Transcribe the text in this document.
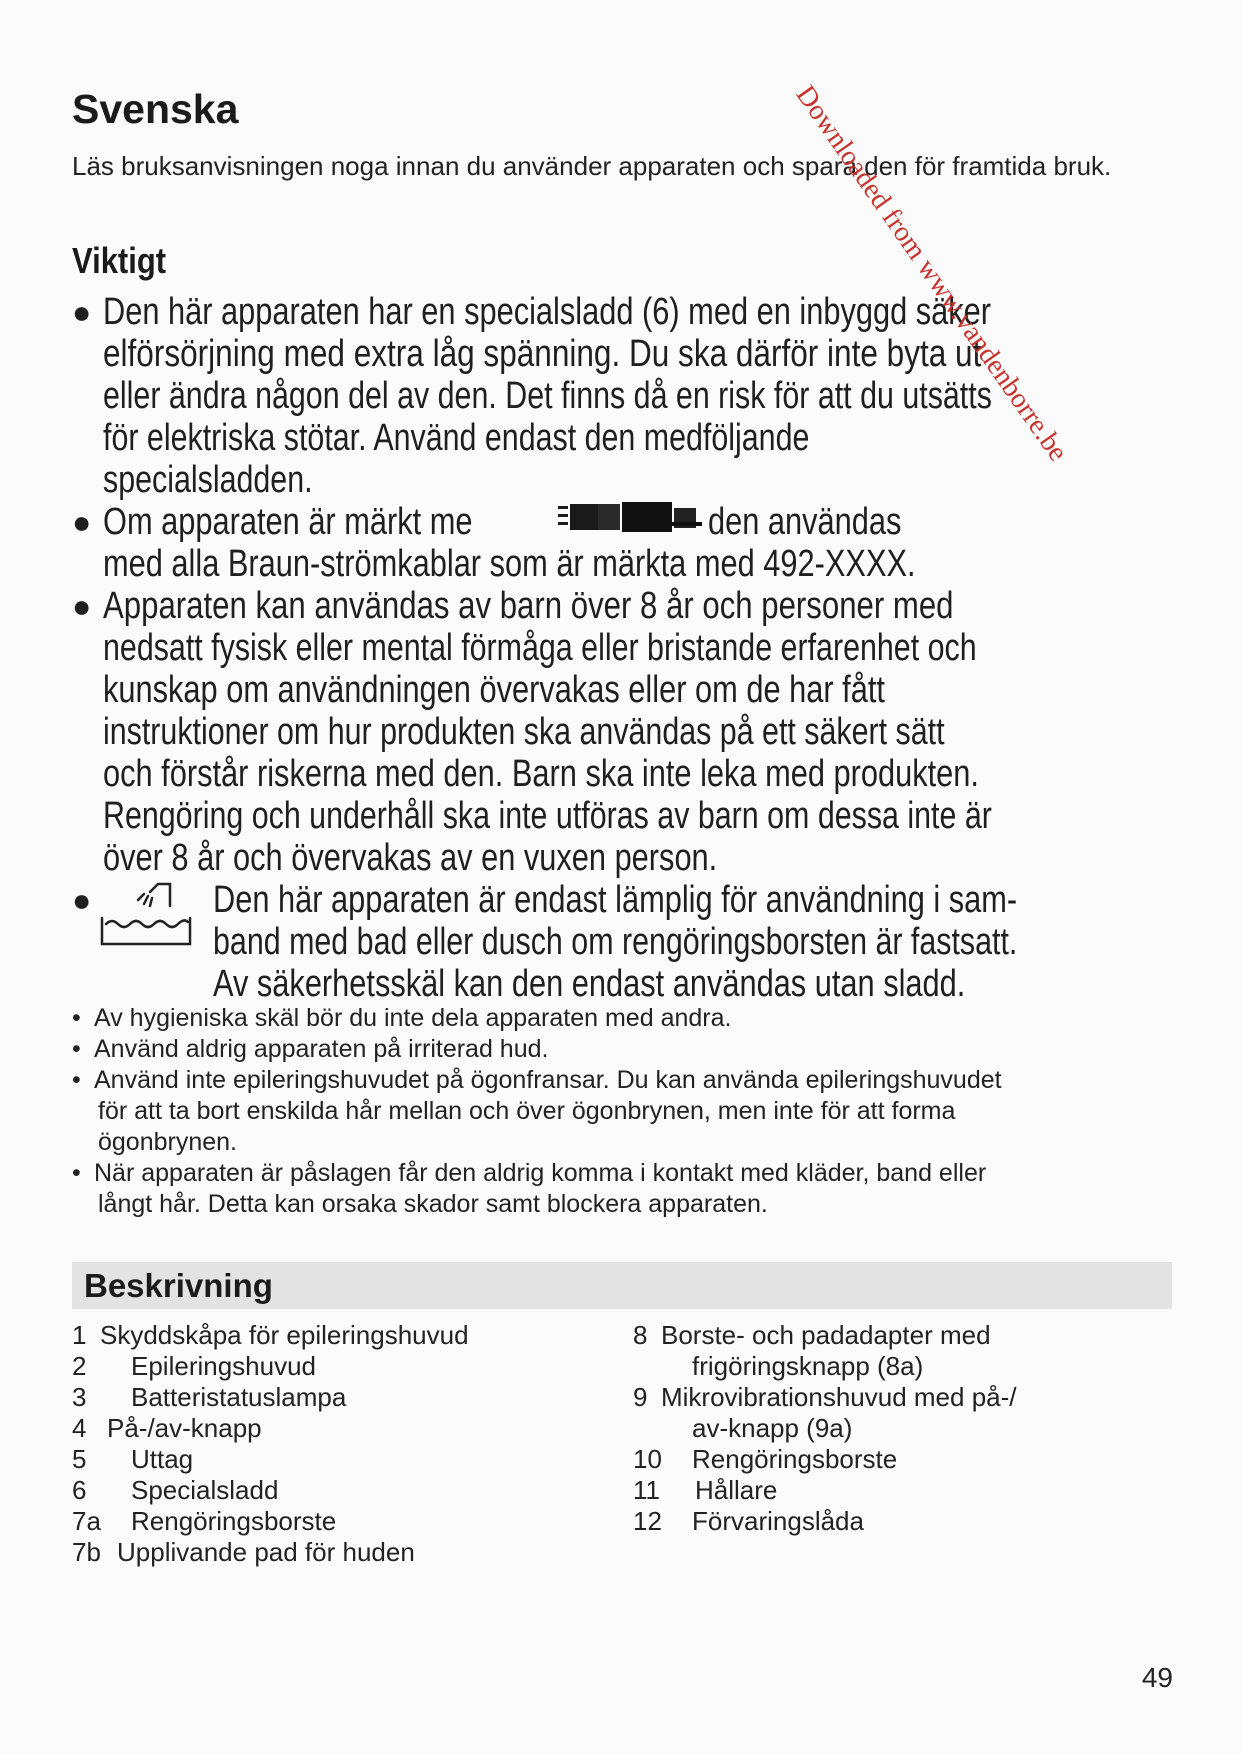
Svenska
Läs bruksanvisningen noga innan du använder apparaten och spara den för framtida bruk.
Viktigt
● Den här apparaten har en specialsladd (6) med en inbyggd säker
elförsörjning med extra låg spänning. Du ska därför inte byta ut
eller ändra någon del av den. Det finns då en risk för att du utsätts
för elektriska stötar. Använd endast den medföljande
specialsladden.
● Om apparaten är märkt me	den användas
med alla Braun-strömkablar som är märkta med 492-XXXX.
● Apparaten kan användas av barn över 8 år och personer med
nedsatt fysisk eller mental förmåga eller bristande erfarenhet och
kunskap om användningen övervakas eller om de har fått
instruktioner om hur produkten ska användas på ett säkert sätt
och förstår riskerna med den. Barn ska inte leka med produkten.
Rengöring och underhåll ska inte utföras av barn om dessa inte är
över 8 år och övervakas av en vuxen person.
●	Den här apparaten är endast lämplig för användning i sam-
band med bad eller dusch om rengöringsborsten är fastsatt.
Av säkerhetsskäl kan den endast användas utan sladd.
• Av hygieniska skäl bör du inte dela apparaten med andra.
• Använd aldrig apparaten på irriterad hud.
• Använd inte epileringshuvudet på ögonfransar. Du kan använda epileringshuvudet
för att ta bort enskilda hår mellan och över ögonbrynen, men inte för att forma
ögonbrynen.
• När apparaten är påslagen får den aldrig komma i kontakt med kläder, band eller
långt hår. Detta kan orsaka skador samt blockera apparaten.
Beskrivning
1 Skyddskåpa för epileringshuvud
2 Epileringshuvud
3 Batteristatuslampa
4 På-/av-knapp
5 Uttag
6 Specialsladd
7a Rengöringsborste
7b Upplivande pad för huden
8 Borste- och padadapter med
frigöringsknapp (8a)
9 Mikrovibrationshuvud med på-/
av-knapp (9a)
10 Rengöringsborste
11 Hållare
12 Förvaringslåda
49
Downloaded from www.vandenborre.be
